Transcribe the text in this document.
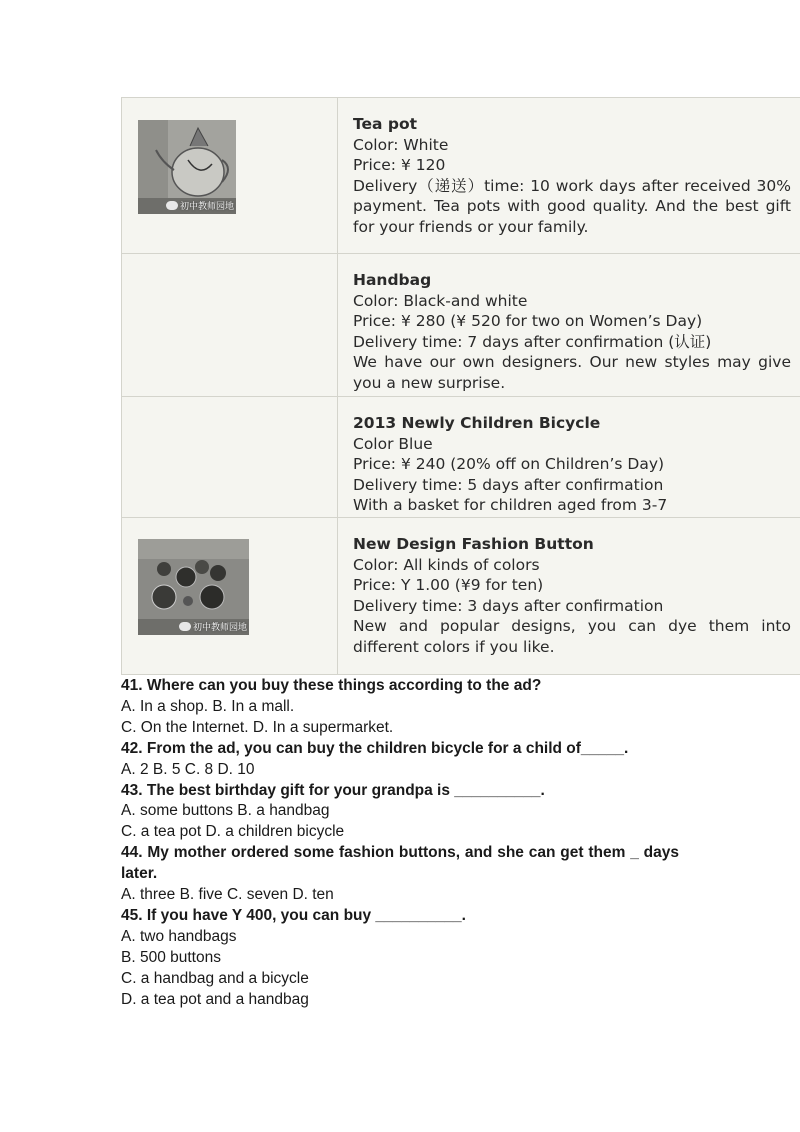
初中教师园地
Tea pot
Color: White
Price: ¥ 120
Delivery（递送）time: 10 work days after received 30% payment. Tea pots with good quality. And the best gift for your friends or your family.
Handbag
Color: Black-and white
Price: ¥ 280 (¥ 520 for two on Women’s Day)
Delivery time: 7 days after confirmation (认证)
We have our own designers. Our new styles may give you a new surprise.
2013 Newly Children Bicycle
Color Blue
Price: ¥ 240 (20% off on Children’s Day)
Delivery time: 5 days after confirmation
With a basket for children aged from 3-7
初中教师园地
New Design Fashion Button
Color: All kinds of colors
Price: Y 1.00 (¥9 for ten)
Delivery time: 3 days after confirmation
New and popular designs, you can dye them into different colors if you like.
41. Where can you buy these things according to the ad?
A. In a shop. B. In a mall.
C. On the Internet. D. In a supermarket.
42. From the ad, you can buy the children bicycle for a child of_____.
A. 2 B. 5 C. 8 D. 10
43. The best birthday gift for your grandpa is __________.
A. some buttons B. a handbag
C. a tea pot D. a children bicycle
44. My mother ordered some fashion buttons, and she can get them _ days later.
A. three B. five C. seven D. ten
45. If you have Y 400, you can buy __________.
A. two handbags
B. 500 buttons
C. a handbag and a bicycle
D. a tea pot and a handbag
